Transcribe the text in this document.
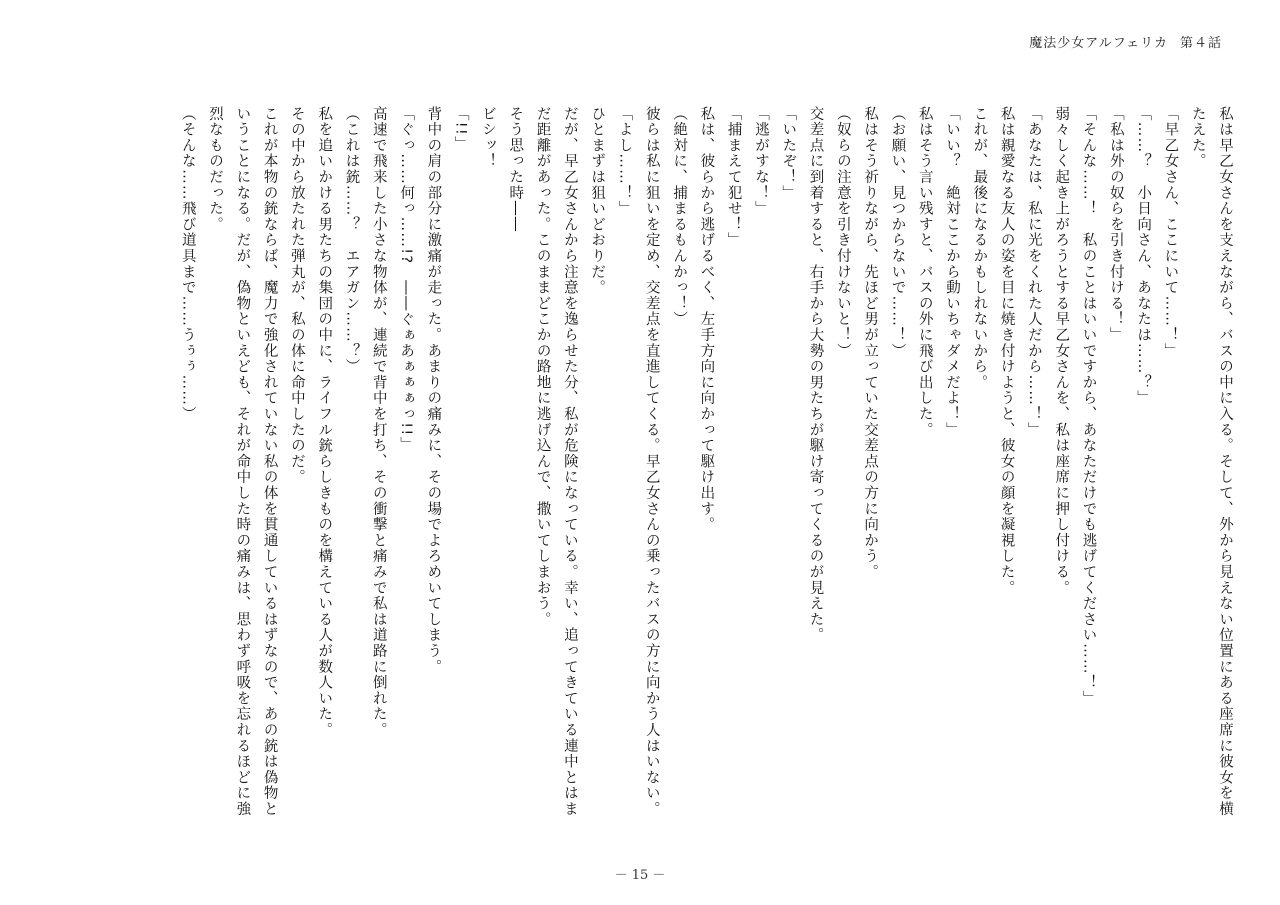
魔法少女アルフェリカ 第４話

私は早乙女さんを支えながら、バスの中に入る。そして、外から見えない位置にある座席に彼女を横たえた。

「早乙女さん、ここにいて……！」

「……？　小日向さん、あなたは……？」

「私は外の奴らを引き付ける！」

「そんな……！　私のことはいいですから、あなただけでも逃げてください……！」

弱々しく起き上がろうとする早乙女さんを、私は座席に押し付ける。

「あなたは、私に光をくれた人だから……！」

私は親愛なる友人の姿を目に焼き付けようと、彼女の顔を凝視した。

これが、最後になるかもしれないから。

「いい？　絶対ここから動いちゃダメだよ！」

私はそう言い残すと、バスの外に飛び出した。

（お願い、見つからないで……！）

私はそう祈りながら、先ほど男が立っていた交差点の方に向かう。

（奴らの注意を引き付けないと！）

交差点に到着すると、右手から大勢の男たちが駆け寄ってくるのが見えた。

「いたぞ！」

「逃がすな！」

「捕まえて犯せ！」

私は、彼らから逃げるべく、左手方向に向かって駆け出す。

（絶対に、捕まるもんかっ！）

彼らは私に狙いを定め、交差点を直進してくる。早乙女さんの乗ったバスの方に向かう人はいない。

「よし……！」

ひとまずは狙いどおりだ。

だが、早乙女さんから注意を逸らせた分、私が危険になっている。幸い、追ってきている連中とはまだ距離があった。このままどこかの路地に逃げ込んで、撒いてしまおう。

そう思った時――

ビシッ！

「!!」

背中の肩の部分に激痛が走った。あまりの痛みに、その場でよろめいてしまう。

「ぐっ……何っ……!?　――ぐぁあぁぁぁっ!!」

高速で飛来した小さな物体が、連続で背中を打ち、その衝撃と痛みで私は道路に倒れた。

（これは銃……？　エアガン……？）

私を追いかける男たちの集団の中に、ライフル銃らしきものを構えている人が数人いた。

その中から放たれた弾丸が、私の体に命中したのだ。

これが本物の銃ならば、魔力で強化されていない私の体を貫通しているはずなので、あの銃は偽物ということになる。だが、偽物といえども、それが命中した時の痛みは、思わず呼吸を忘れるほどに強烈なものだった。

（そんな……飛び道具まで……うぅぅ……）

－ 15 －
